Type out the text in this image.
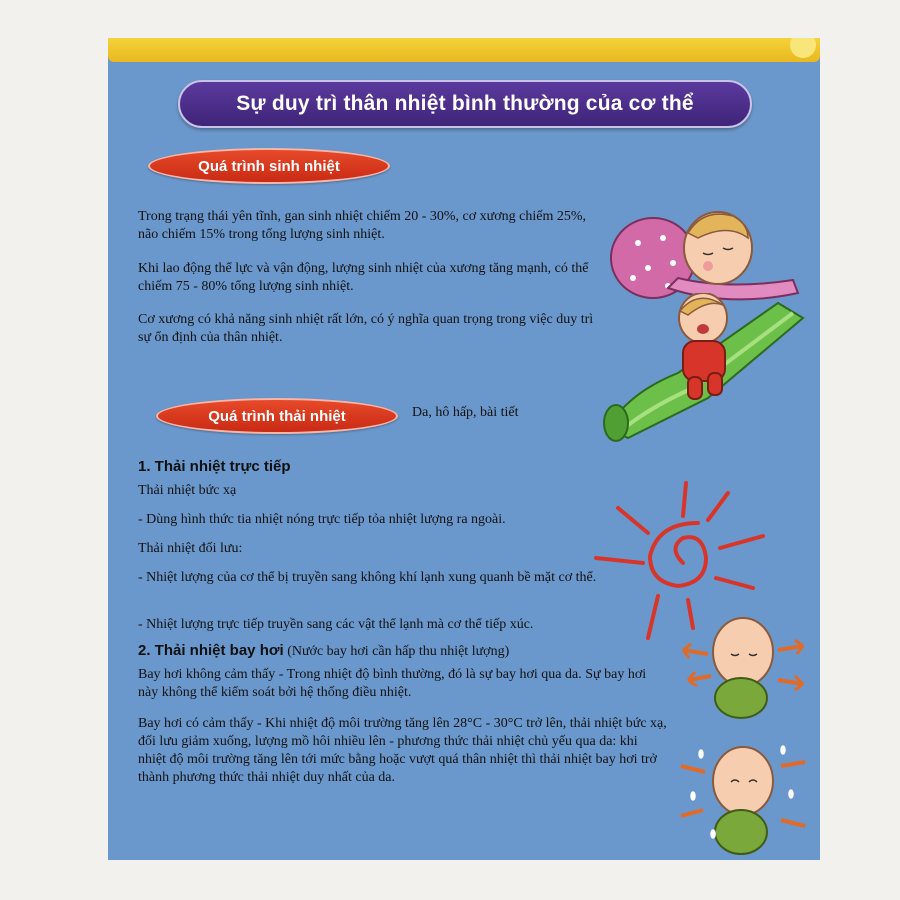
Sự duy trì thân nhiệt bình thường của cơ thể
Quá trình sinh nhiệt

Trong trạng thái yên tĩnh, gan sinh nhiệt chiếm 20 - 30%, cơ xương chiếm 25%, não chiếm 15% trong tổng lượng sinh nhiệt.

Khi lao động thể lực và vận động, lượng sinh nhiệt của xương tăng mạnh, có thể chiếm 75 - 80% tổng lượng sinh nhiệt.

Cơ xương có khả năng sinh nhiệt rất lớn, có ý nghĩa quan trọng trong việc duy trì sự ổn định của thân nhiệt.

Quá trình thải nhiệt	Da, hô hấp, bài tiết
1. Thải nhiệt trực tiếp

Thải nhiệt bức xạ

- Dùng hình thức tia nhiệt nóng trực tiếp tỏa nhiệt lượng ra ngoài.

Thải nhiệt đối lưu:

- Nhiệt lượng của cơ thể bị truyền sang không khí lạnh xung quanh bề mặt cơ thể.

- Nhiệt lượng trực tiếp truyền sang các vật thể lạnh mà cơ thể tiếp xúc.

2. Thải nhiệt bay hơi (Nước bay hơi cần hấp thu nhiệt lượng)

Bay hơi không cảm thấy - Trong nhiệt độ bình thường, đó là sự bay hơi qua da. Sự bay hơi này không thể kiểm soát bởi hệ thống điều nhiệt.

Bay hơi có cảm thấy - Khi nhiệt độ môi trường tăng lên 28°C - 30°C trở lên, thải nhiệt bức xạ, đối lưu giảm xuống, lượng mồ hôi nhiều lên - phương thức thải nhiệt chủ yếu qua da: khi nhiệt độ môi trường tăng lên tới mức bằng hoặc vượt quá thân nhiệt thì thải nhiệt bay hơi trở thành phương thức thải nhiệt duy nhất của da.
